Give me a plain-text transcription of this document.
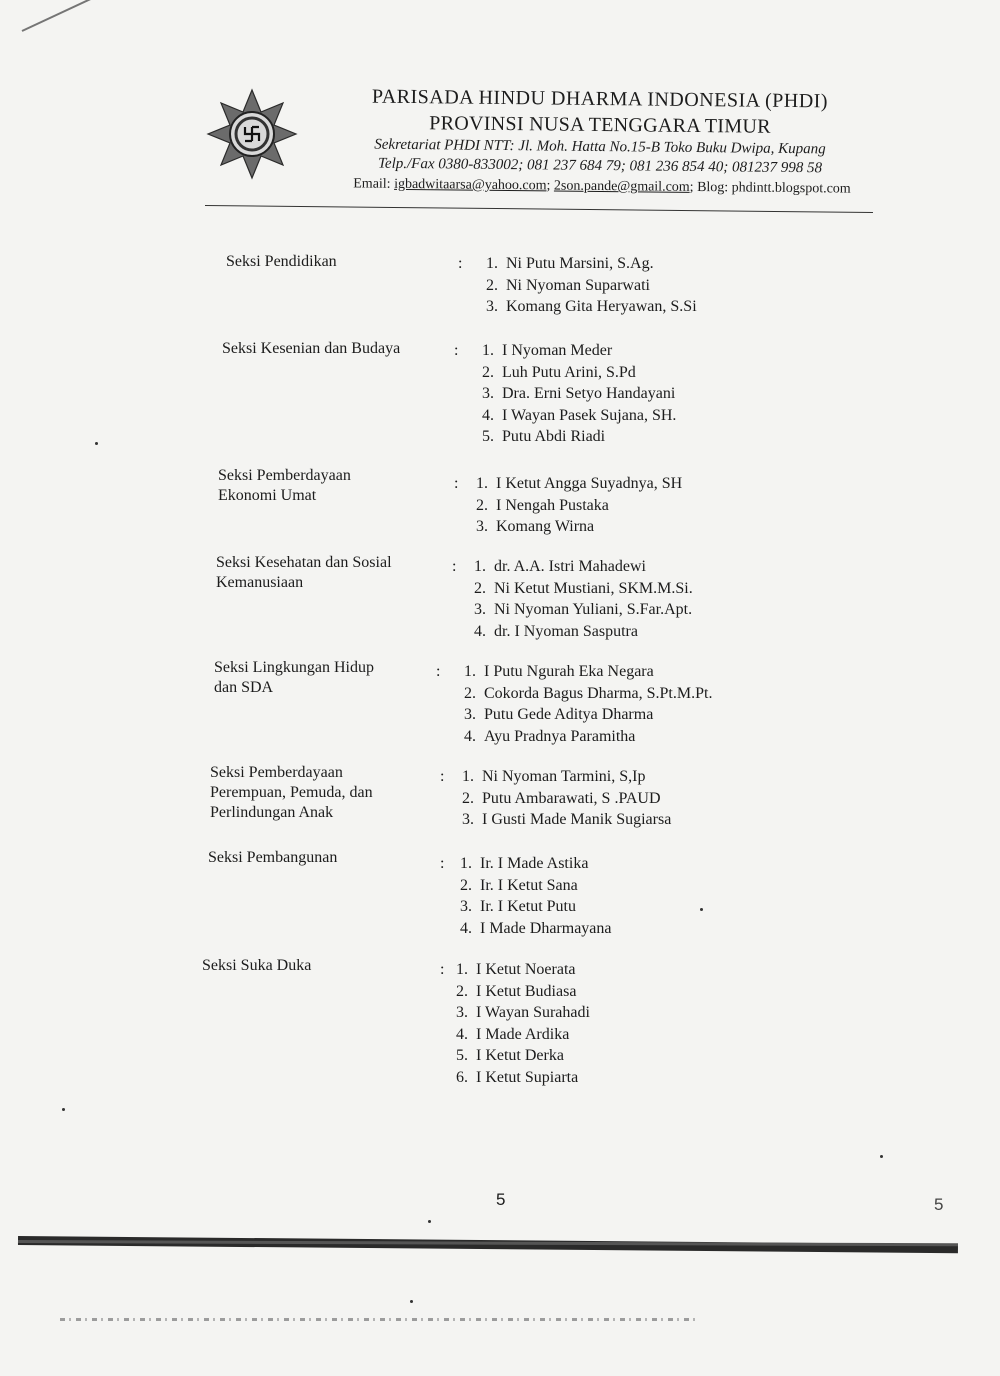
PARISADA HINDU DHARMA INDONESIA (PHDI)
PROVINSI NUSA TENGGARA TIMUR
Sekretariat PHDI NTT: Jl. Moh. Hatta No.15-B Toko Buku Dwipa, Kupang
Telp./Fax 0380-833002; 081 237 684 79; 081 236 854 40; 081237 998 58
Email: igbadwitaarsa@yahoo.com; 2son.pande@gmail.com; Blog: phdintt.blogspot.com
Seksi Pendidikan	:	1. Ni Putu Marsini, S.Ag.
2. Ni Nyoman Suparwati
3. Komang Gita Heryawan, S.Si
Seksi Kesenian dan Budaya	:	1. I Nyoman Meder
2. Luh Putu Arini, S.Pd
3. Dra. Erni Setyo Handayani
4. I Wayan Pasek Sujana, SH.
5. Putu Abdi Riadi
Seksi Pemberdayaan
Ekonomi Umat
:	1. I Ketut Angga Suyadnya, SH
2. I Nengah Pustaka
3. Komang Wirna
Seksi Kesehatan dan Sosial
Kemanusiaan
:	1. dr. A.A. Istri Mahadewi
2. Ni Ketut Mustiani, SKM.M.Si.
3. Ni Nyoman Yuliani, S.Far.Apt.
4. dr. I Nyoman Sasputra
Seksi Lingkungan Hidup
dan SDA
:	1. I Putu Ngurah Eka Negara
2. Cokorda Bagus Dharma, S.Pt.M.Pt.
3. Putu Gede Aditya Dharma
4. Ayu Pradnya Paramitha
Seksi Pemberdayaan
Perempuan, Pemuda, dan
Perlindungan Anak
:	1. Ni Nyoman Tarmini, S,Ip
2. Putu Ambarawati, S .PAUD
3. I Gusti Made Manik Sugiarsa
Seksi Pembangunan	: 1. Ir. I Made Astika
2. Ir. I Ketut Sana
3. Ir. I Ketut Putu
4. I Made Dharmayana
Seksi Suka Duka	: 1. I Ketut Noerata
2. I Ketut Budiasa
3. I Wayan Surahadi
4. I Made Ardika
5. I Ketut Derka
6. I Ketut Supiarta
5	5
